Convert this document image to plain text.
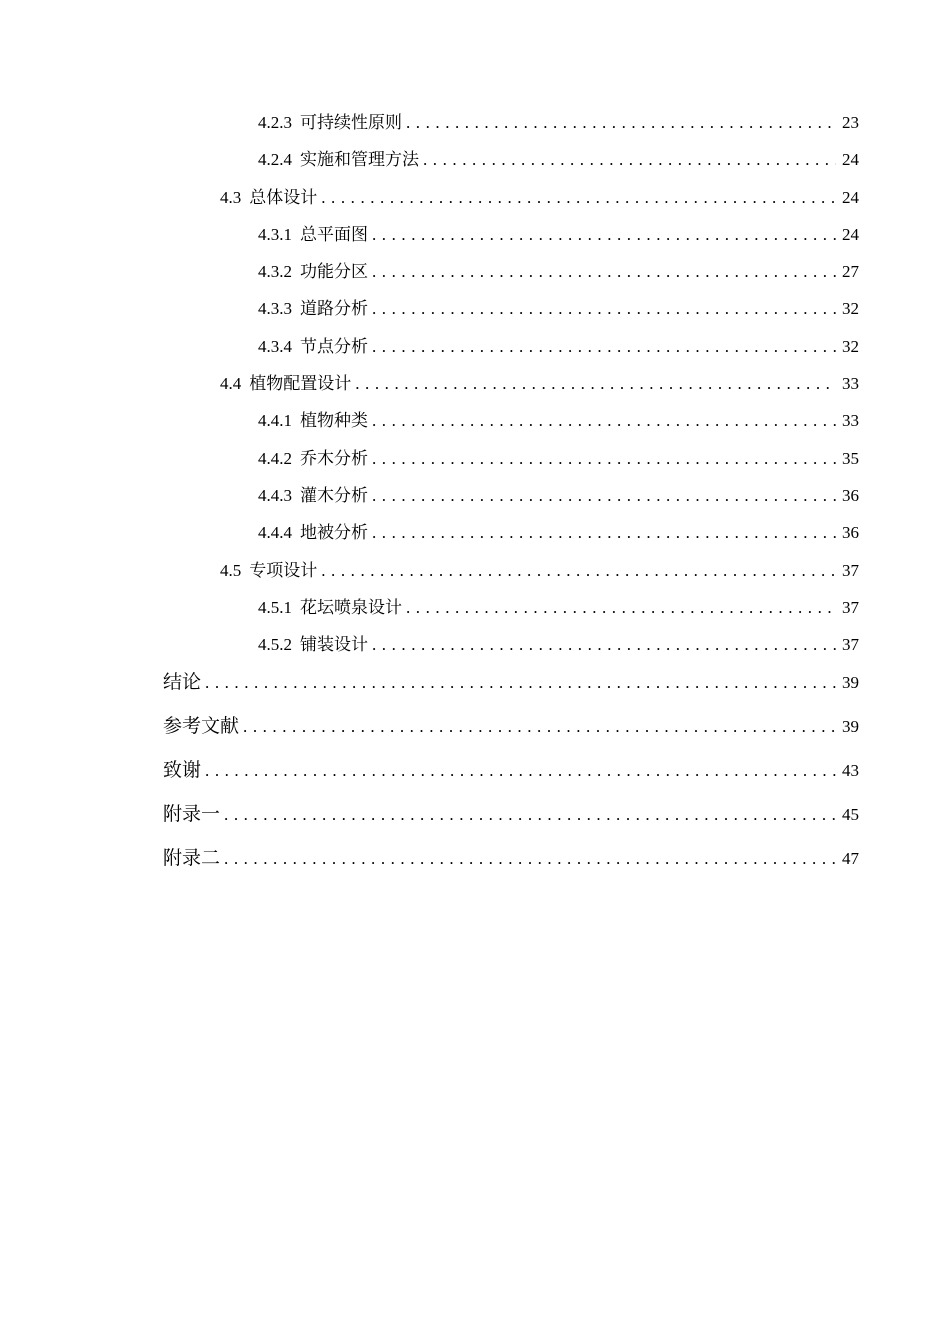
4.2.3 可持续性原则 . . .	23
4.2.4 实施和管理方法 . . .	24
4.3 总体设计 . . .	24
4.3.1 总平面图 . . .	24
4.3.2 功能分区 . . .	27
4.3.3 道路分析 . . .	32
4.3.4 节点分析 . . .	32
4.4 植物配置设计 . . .	33
4.4.1 植物种类 . . .	33
4.4.2 乔木分析 . . .	35
4.4.3 灌木分析 . . .	36
4.4.4 地被分析 . . .	36
4.5 专项设计 . . .	37
4.5.1 花坛喷泉设计 . . .	37
4.5.2 铺装设计 . . .	37
结论 . . .	39
参考文献 . . .	39
致谢 . . .	43
附录一 . . .	45
附录二 . . .	47
